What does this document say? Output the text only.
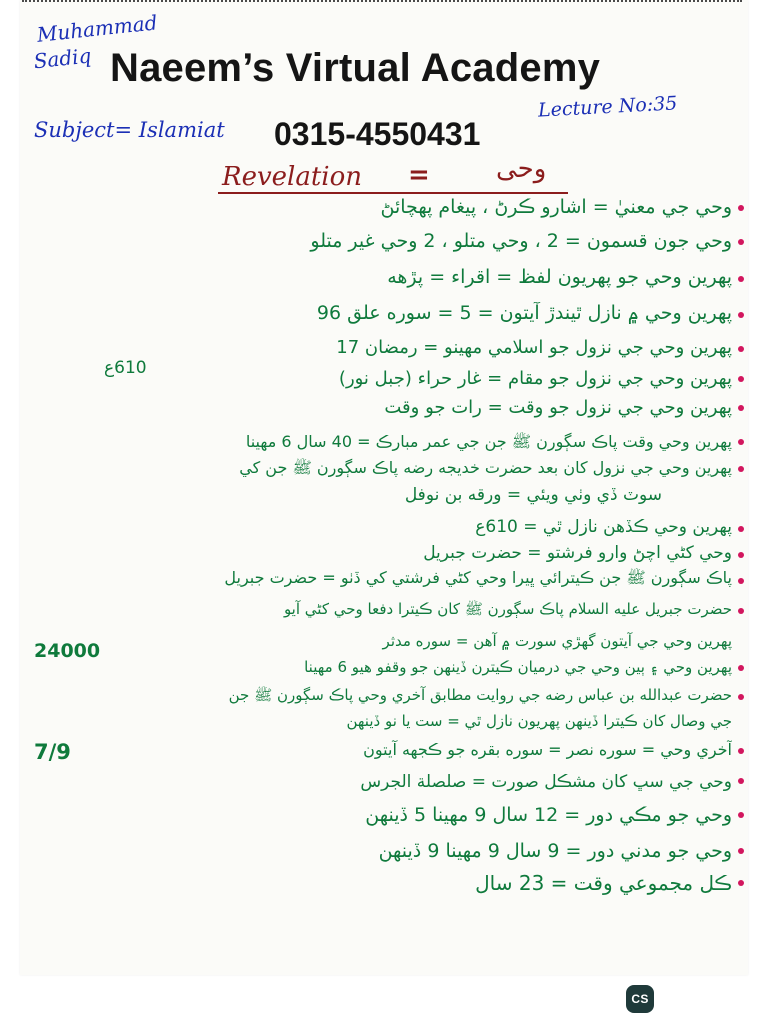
Muhammad
Sadiq Naeem’s Virtual Academy
Subject= Islamiat
Lecture No:35
0315-4550431
Revelation =	وحی
وحي جي معنيٰ = اشارو ڪرڻ ، پيغام پهچائڻ
وحي جون قسمون = 2 ، وحي متلو ، 2 وحي غير متلو
پهرين وحي جو پهريون لفظ = اقراء = پڙهه
پهرين وحي ۾ نازل ٿيندڙ آيتون = 5 = سوره علق 96
پهرين وحي جي نزول جو اسلامي مهينو = رمضان 17
پهرين وحي جي نزول جو مقام = غار حراء (جبل نور)
پهرين وحي جي نزول جو وقت = رات جو وقت
پهرين وحي وقت پاڪ سڳورن ﷺ جن جي عمر مبارڪ = 40 سال 6 مهينا
پهرين وحي جي نزول کان بعد حضرت خديجه رضه پاڪ سڳورن ﷺ جن کي
سوٽ ڏي وٺي ويئي = ورقه بن نوفل
پهرين وحي ڪڏهن نازل ٿي = 610ع
وحي کڻي اچڻ وارو فرشتو = حضرت جبريل
پاڪ سڳورن ﷺ جن ڪيترائي ڀيرا وحي کڻي فرشتي کي ڏٺو = حضرت جبريل
حضرت جبريل عليه السلام پاڪ سڳورن ﷺ کان ڪيترا دفعا وحي کڻي آيو
پهرين وحي جي آيتون گهڙي سورت ۾ آهن = سوره مدثر
پهرين وحي ۽ ٻين وحي جي درميان ڪيترن ڏينهن جو وقفو هيو 6 مهينا
حضرت عبدالله بن عباس رضه جي روايت مطابق آخري وحي پاڪ سڳورن ﷺ جن
جي وصال کان ڪيترا ڏينهن پهريون نازل ٿي = ست يا نو ڏينهن
آخري وحي = سوره نصر = سوره بقره جو ڪجهه آيتون
وحي جي سڀ کان مشڪل صورت = صلصلة الجرس
وحي جو مڪي دور = 12 سال 9 مهينا 5 ڏينهن
وحي جو مدني دور = 9 سال 9 مهينا 9 ڏينهن
ڪل مجموعي وقت = 23 سال
610ع
24000
7/9
CS
